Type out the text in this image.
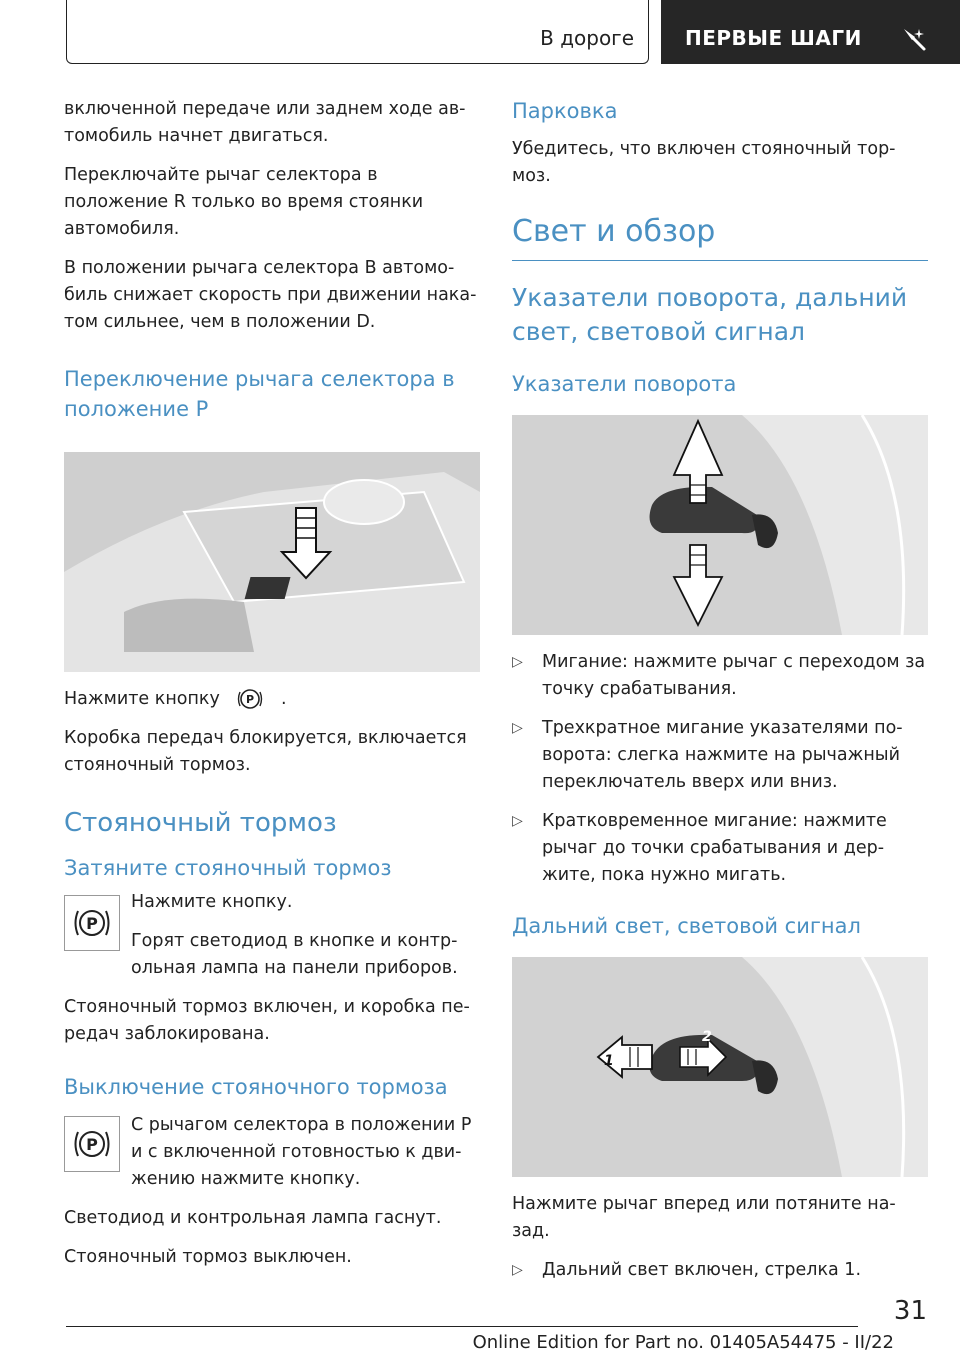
В дороге	ПЕРВЫЕ ШАГИ

включенной передаче или заднем ходе ав-томобиль начнет двигаться.

Переключайте рычаг селектора в положение R только во время стоянки автомобиля.

В положении рычага селектора B автомо-биль снижает скорость при движении нака-том сильнее, чем в положении D.

Переключение рычага селектора в положение P

Нажмите кнопку P .

Коробка передач блокируется, включается стояночный тормоз.

Стояночный тормоз
Затяните стояночный тормоз
P

Нажмите кнопку.

Горят светодиод в кнопке и контр-ольная лампа на панели приборов.

Стояночный тормоз включен, и коробка пе-редач заблокирована.

Выключение стояночного тормоза
P

С рычагом селектора в положении P и с включенной готовностью к дви-жению нажмите кнопку.

Светодиод и контрольная лампа гаснут.

Стояночный тормоз выключен.

Парковка

Убедитесь, что включен стояночный тор-моз.

Свет и обзор
Указатели поворота, дальний свет, световой сигнал
Указатели поворота
▷ Мигание: нажмите рычаг с переходом за точку срабатывания.
▷ Трехкратное мигание указателями по-ворота: слегка нажмите на рычажный переключатель вверх или вниз.
▷ Кратковременное мигание: нажмите рычаг до точки срабатывания и дер-жите, пока нужно мигать.
Дальний свет, световой сигнал
1
2

Нажмите рычаг вперед или потяните на-зад.

▷ Дальний свет включен, стрелка 1.
31
Online Edition for Part no. 01405A54475 - II/22
